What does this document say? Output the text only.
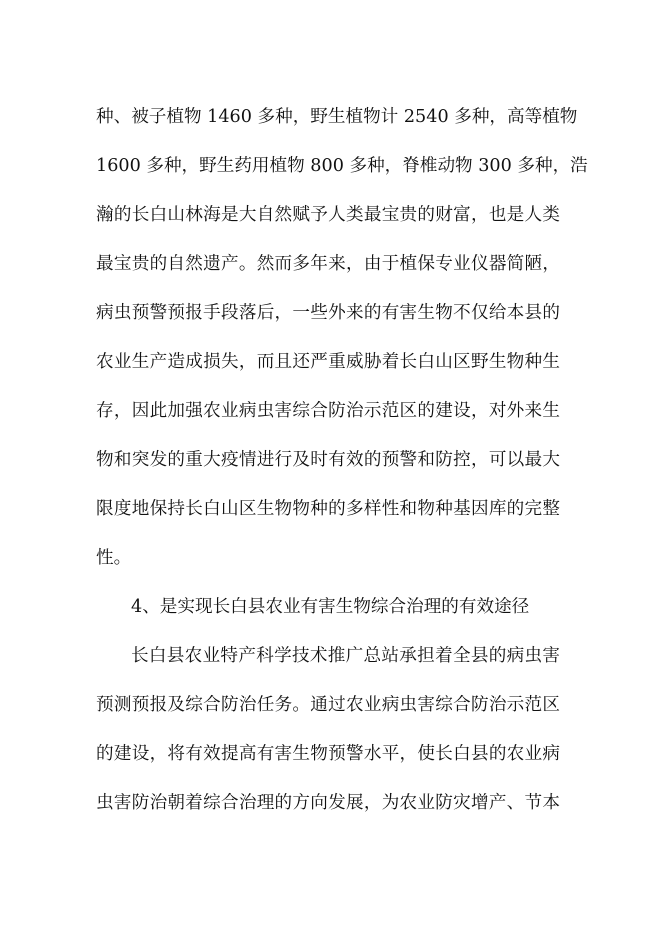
种、被子植物 1460 多种，野生植物计 2540 多种，高等植物
1600 多种，野生药用植物 800 多种，脊椎动物 300 多种，浩
瀚的长白山林海是大自然赋予人类最宝贵的财富，也是人类
最宝贵的自然遗产。然而多年来，由于植保专业仪器简陋，
病虫预警预报手段落后，一些外来的有害生物不仅给本县的
农业生产造成损失，而且还严重威胁着长白山区野生物种生
存，因此加强农业病虫害综合防治示范区的建设，对外来生
物和突发的重大疫情进行及时有效的预警和防控，可以最大
限度地保持长白山区生物物种的多样性和物种基因库的完整
性。
4、是实现长白县农业有害生物综合治理的有效途径
长白县农业特产科学技术推广总站承担着全县的病虫害
预测预报及综合防治任务。通过农业病虫害综合防治示范区
的建设，将有效提高有害生物预警水平，使长白县的农业病
虫害防治朝着综合治理的方向发展，为农业防灾增产、节本
